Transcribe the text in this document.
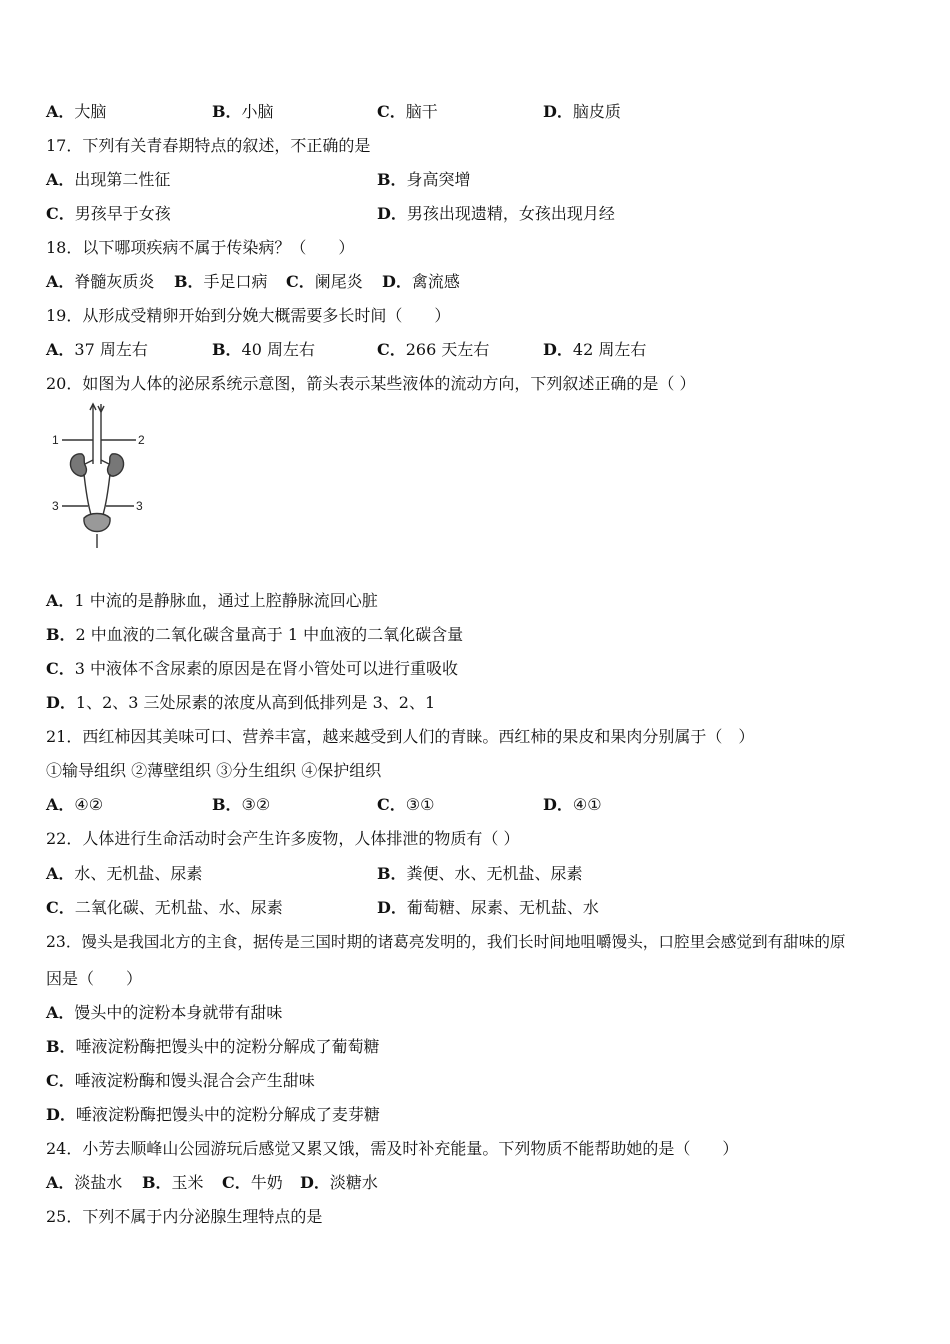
A．大脑	B．小脑	C．脑干	D．脑皮质
17．下列有关青春期特点的叙述，不正确的是
A．出现第二性征	B．身高突增
C．男孩早于女孩	D．男孩出现遗精，女孩出现月经
18．以下哪项疾病不属于传染病？（　　）
A．脊髓灰质炎 B．手足口病 C．阑尾炎 D．禽流感
19．从形成受精卵开始到分娩大概需要多长时间（　　）
A．37 周左右	B．40 周左右	C．266 天左右	D．42 周左右
20．如图为人体的泌尿系统示意图，箭头表示某些液体的流动方向，下列叙述正确的是（ ）
1	2
3	3
A．1 中流的是静脉血，通过上腔静脉流回心脏
B．2 中血液的二氧化碳含量高于 1 中血液的二氧化碳含量
C．3 中液体不含尿素的原因是在肾小管处可以进行重吸收
D．1、2、3 三处尿素的浓度从高到低排列是 3、2、1
21．西红柿因其美味可口、营养丰富，越来越受到人们的青睐。西红柿的果皮和果肉分别属于（　）
①输导组织 ②薄壁组织 ③分生组织 ④保护组织
A．④②	B．③②	C．③①	D．④①
22．人体进行生命活动时会产生许多废物，人体排泄的物质有（ ）
A．水、无机盐、尿素	B．粪便、水、无机盐、尿素
C．二氧化碳、无机盐、水、尿素	D．葡萄糖、尿素、无机盐、水
23．馒头是我国北方的主食，据传是三国时期的诸葛亮发明的，我们长时间地咀嚼馒头，口腔里会感觉到有甜味的原
因是（　　）
A．馒头中的淀粉本身就带有甜味
B．唾液淀粉酶把馒头中的淀粉分解成了葡萄糖
C．唾液淀粉酶和馒头混合会产生甜味
D．唾液淀粉酶把馒头中的淀粉分解成了麦芽糖
24．小芳去顺峰山公园游玩后感觉又累又饿，需及时补充能量。下列物质不能帮助她的是（　　）
A．淡盐水 B．玉米 C．牛奶 D．淡糖水
25．下列不属于内分泌腺生理特点的是
